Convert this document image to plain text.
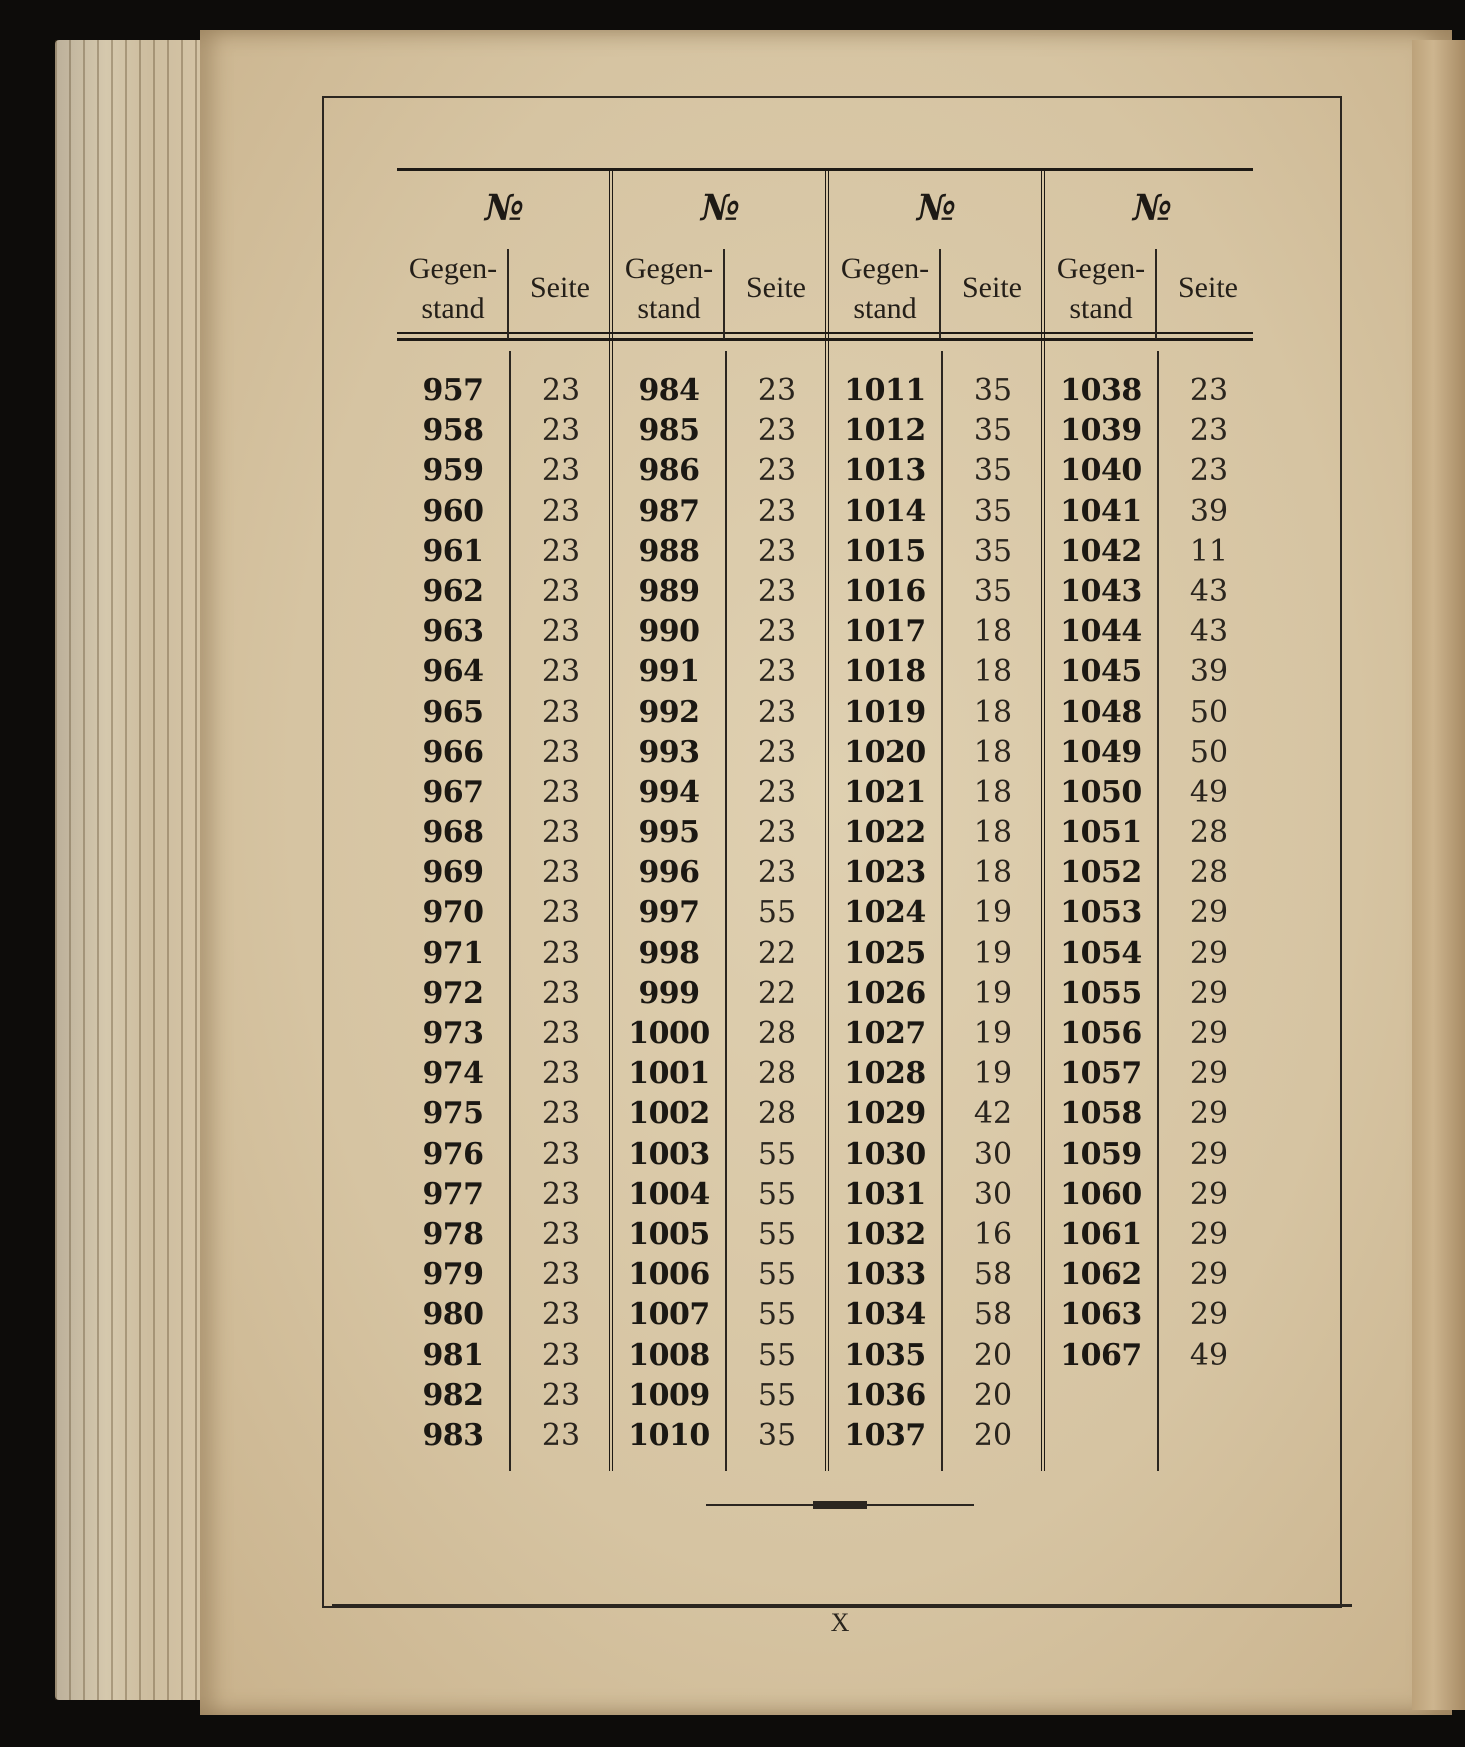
№
Gegen-
stand
Seite
957	23
958	23
959	23
960	23
961	23
962	23
963	23
964	23
965	23
966	23
967	23
968	23
969	23
970	23
971	23
972	23
973	23
974	23
975	23
976	23
977	23
978	23
979	23
980	23
981	23
982	23
983	23
№
Gegen-
stand
Seite
984	23
985	23
986	23
987	23
988	23
989	23
990	23
991	23
992	23
993	23
994	23
995	23
996	23
997	55
998	22
999	22
1000	28
1001	28
1002	28
1003	55
1004	55
1005	55
1006	55
1007	55
1008	55
1009	55
1010	35
№
Gegen-
stand
Seite
1011	35
1012	35
1013	35
1014	35
1015	35
1016	35
1017	18
1018	18
1019	18
1020	18
1021	18
1022	18
1023	18
1024	19
1025	19
1026	19
1027	19
1028	19
1029	42
1030	30
1031	30
1032	16
1033	58
1034	58
1035	20
1036	20
1037	20
№
Gegen-
stand
Seite
1038	23
1039	23
1040	23
1041	39
1042	11
1043	43
1044	43
1045	39
1048	50
1049	50
1050	49
1051	28
1052	28
1053	29
1054	29
1055	29
1056	29
1057	29
1058	29
1059	29
1060	29
1061	29
1062	29
1063	29
1067	49
X
